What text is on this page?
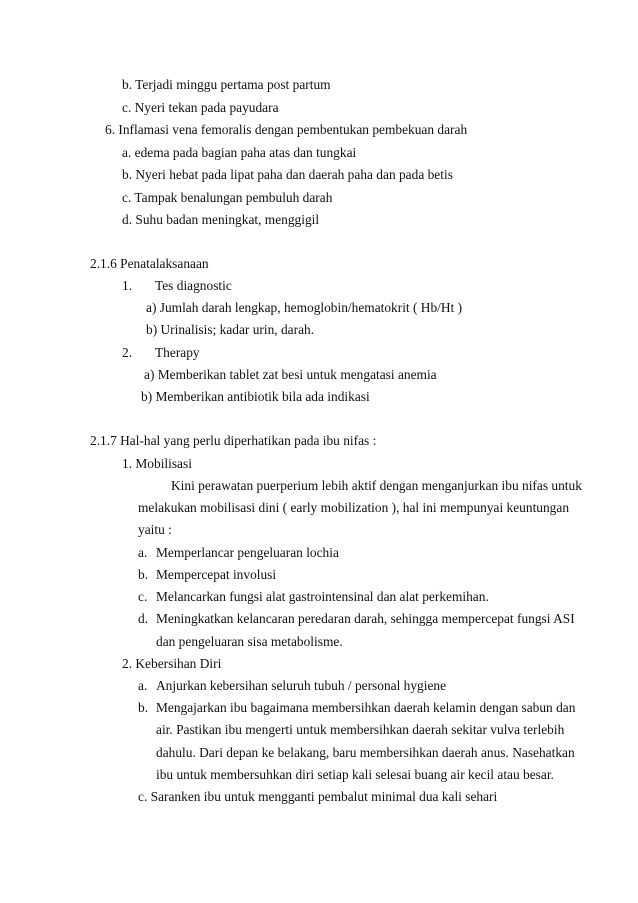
b. Terjadi minggu pertama post partum
c. Nyeri tekan pada payudara
6. Inflamasi vena femoralis dengan pembentukan pembekuan darah
a. edema pada bagian paha atas dan tungkai
b. Nyeri hebat pada lipat paha dan daerah paha dan pada betis
c. Tampak benalungan pembuluh darah
d. Suhu badan meningkat, menggigil
2.1.6 Penatalaksanaan
1. Tes diagnostic
a) Jumlah darah lengkap, hemoglobin/hematokrit ( Hb/Ht )
b) Urinalisis; kadar urin, darah.
2. Therapy
a) Memberikan tablet zat besi untuk mengatasi anemia
b) Memberikan antibiotik bila ada indikasi
2.1.7 Hal-hal yang perlu diperhatikan pada ibu nifas :
1. Mobilisasi
Kini perawatan puerperium lebih aktif dengan menganjurkan ibu nifas untuk
melakukan mobilisasi dini ( early mobilization ), hal ini mempunyai keuntungan
yaitu :
a. Memperlancar pengeluaran lochia
b. Mempercepat involusi
c. Melancarkan fungsi alat gastrointensinal dan alat perkemihan.
d. Meningkatkan kelancaran peredaran darah, sehingga mempercepat fungsi ASI
dan pengeluaran sisa metabolisme.
2. Kebersihan Diri
a. Anjurkan kebersihan seluruh tubuh / personal hygiene
b. Mengajarkan ibu bagaimana membersihkan daerah kelamin dengan sabun dan
air. Pastikan ibu mengerti untuk membersihkan daerah sekitar vulva terlebih
dahulu. Dari depan ke belakang, baru membersihkan daerah anus. Nasehatkan
ibu untuk membersuhkan diri setiap kali selesai buang air kecil atau besar.
c. Saranken ibu untuk mengganti pembalut minimal dua kali sehari
